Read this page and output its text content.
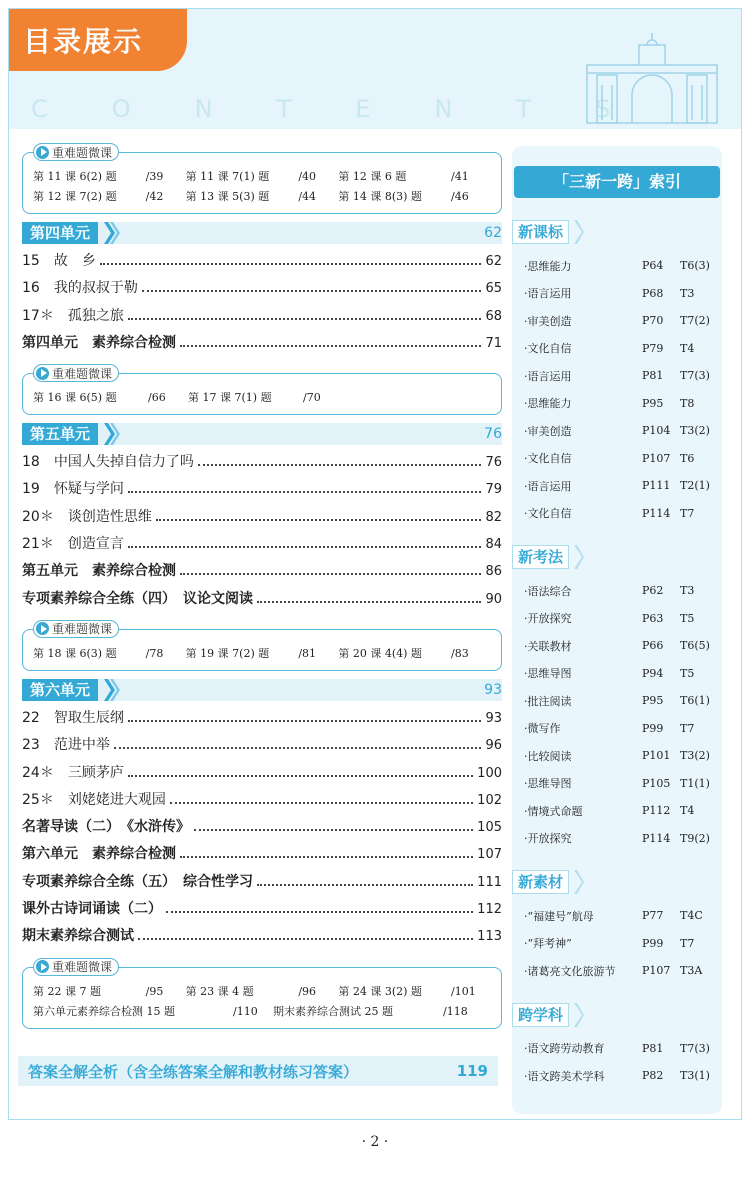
C	O	N	T	E	N	T	S
目录展示
重难题微课
第 11 课 6(2) 题	/39	第 11 课 7(1) 题	/40	第 12 课 6 题	/41
第 12 课 7(2) 题	/42	第 13 课 5(3) 题	/44	第 14 课 8(3) 题	/46
第四单元	62
15　故　乡	62
16　我的叔叔于勒	65
17＊　孤独之旅	68
第四单元　素养综合检测	71
重难题微课
第 16 课 6(5) 题	/66	第 17 课 7(1) 题	/70
第五单元	76
18　中国人失掉自信力了吗	76
19　怀疑与学问	79
20＊　谈创造性思维	82
21＊　创造宣言	84
第五单元　素养综合检测	86
专项素养综合全练（四）　议论文阅读	90
重难题微课
第 18 课 6(3) 题	/78	第 19 课 7(2) 题	/81	第 20 课 4(4) 题	/83
第六单元	93
22　智取生辰纲	93
23　范进中举	96
24＊　三顾茅庐	100
25＊　刘姥姥进大观园	102
名著导读（二）　《水浒传》	105
第六单元　素养综合检测	107
专项素养综合全练（五）　综合性学习	111
课外古诗词诵读（二）	112
期末素养综合测试	113
重难题微课
第 22 课 7 题	/95	第 23 课 4 题	/96	第 24 课 3(2) 题	/101
第六单元素养综合检测 15 题	/110	期末素养综合测试 25 题	/118
答案全解全析（含全练答案全解和教材练习答案）	119
「三新一跨」索引
新课标
·思维能力	P64	T6(3)
·语言运用	P68	T3
·审美创造	P70	T7(2)
·文化自信	P79	T4
·语言运用	P81	T7(3)
·思维能力	P95	T8
·审美创造	P104 T3(2)
·文化自信	P107 T6
·语言运用	P111 T2(1)
·文化自信	P114 T7
新考法
·语法综合	P62	T3
·开放探究	P63	T5
·关联教材	P66	T6(5)
·思维导图	P94	T5
·批注阅读	P95	T6(1)
·微写作	P99	T7
·比较阅读	P101 T3(2)
·思维导图	P105 T1(1)
·情境式命题	P112 T4
·开放探究	P114 T9(2)
新素材
·“福建号”航母	P77	T4C
·“拜考神”	P99	T7
·诸葛亮文化旅游节	P107 T3A
跨学科
·语文跨劳动教育	P81	T7(3)
·语文跨美术学科	P82	T3(1)
· 2 ·
